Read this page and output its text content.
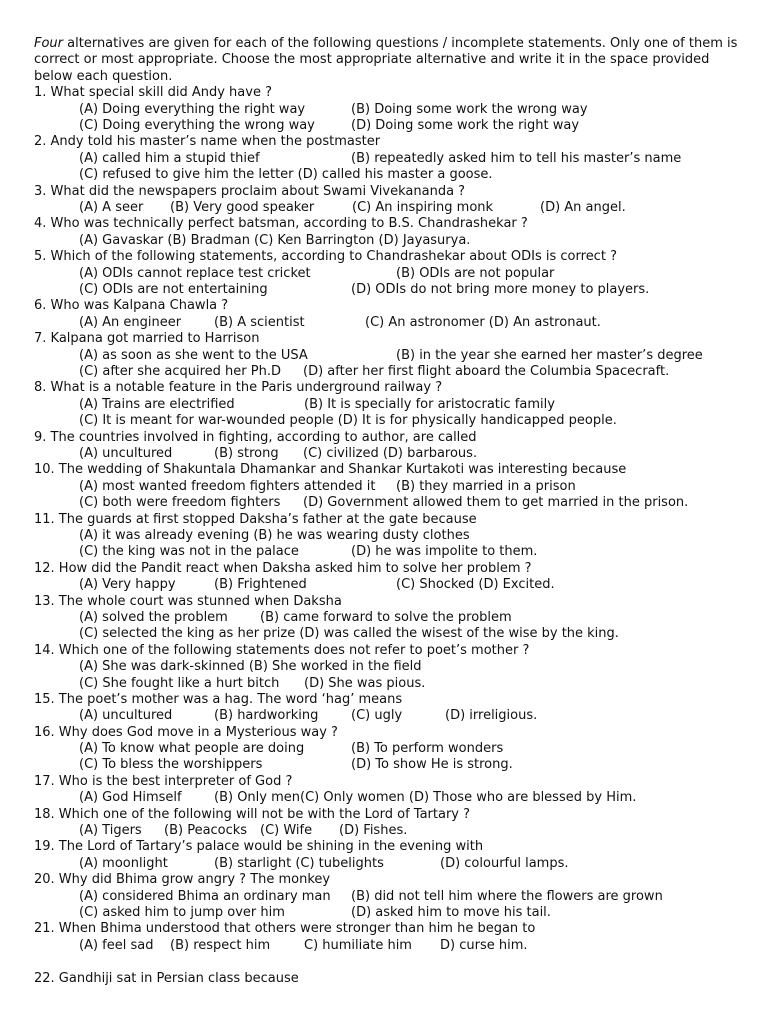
Four alternatives are given for each of the following questions / incomplete statements. Only one of them is correct or most appropriate. Choose the most appropriate alternative and write it in the space provided below each question.

1. What special skill did Andy have ?
(A) Doing everything the right way	(B) Doing some work the wrong way
(C) Doing everything the wrong way	(D) Doing some work the right way
2. Andy told his master’s name when the postmaster
(A) called him a stupid thief	(B) repeatedly asked him to tell his master’s name
(C) refused to give him the letter (D) called his master a goose.
3. What did the newspapers proclaim about Swami Vivekananda ?
(A) A seer (B) Very good speaker	(C) An inspiring monk	(D) An angel.
4. Who was technically perfect batsman, according to B.S. Chandrashekar ?
(A) Gavaskar (B) Bradman (C) Ken Barrington (D) Jayasurya.
5. Which of the following statements, according to Chandrashekar about ODIs is correct ?
(A) ODIs cannot replace test cricket	(B) ODIs are not popular
(C) ODIs are not entertaining	(D) ODIs do not bring more money to players.
6. Who was Kalpana Chawla ?
(A) An engineer	(B) A scientist	(C) An astronomer (D) An astronaut.
7. Kalpana got married to Harrison
(A) as soon as she went to the USA	(B) in the year she earned her master’s degree
(C) after she acquired her Ph.D (D) after her first flight aboard the Columbia Spacecraft.
8. What is a notable feature in the Paris underground railway ?
(A) Trains are electrified	(B) It is specially for aristocratic family
(C) It is meant for war-wounded people (D) It is for physically handicapped people.
9. The countries involved in fighting, according to author, are called
(A) uncultured	(B) strong (C) civilized (D) barbarous.
10. The wedding of Shakuntala Dhamankar and Shankar Kurtakoti was interesting because
(A) most wanted freedom fighters attended it (B) they married in a prison
(C) both were freedom fighters (D) Government allowed them to get married in the prison.
11. The guards at first stopped Daksha’s father at the gate because
(A) it was already evening (B) he was wearing dusty clothes
(C) the king was not in the palace	(D) he was impolite to them.
12. How did the Pandit react when Daksha asked him to solve her problem ?
(A) Very happy	(B) Frightened	(C) Shocked (D) Excited.
13. The whole court was stunned when Daksha
(A) solved the problem (B) came forward to solve the problem
(C) selected the king as her prize (D) was called the wisest of the wise by the king.
14. Which one of the following statements does not refer to poet’s mother ?
(A) She was dark-skinned (B) She worked in the field
(C) She fought like a hurt bitch (D) She was pious.
15. The poet’s mother was a hag. The word ‘hag’ means
(A) uncultured	(B) hardworking	(C) ugly	(D) irreligious.
16. Why does God move in a Mysterious way ?
(A) To know what people are doing	(B) To perform wonders
(C) To bless the worshippers	(D) To show He is strong.
17. Who is the best interpreter of God ?
(A) God Himself (B) Only men(C) Only women (D) Those who are blessed by Him.
18. Which one of the following will not be with the Lord of Tartary ?
(A) Tigers (B) Peacocks (C) Wife (D) Fishes.
19. The Lord of Tartary’s palace would be shining in the evening with
(A) moonlight	(B) starlight (C) tubelights	(D) colourful lamps.
20. Why did Bhima grow angry ? The monkey
(A) considered Bhima an ordinary man (B) did not tell him where the flowers are grown
(C) asked him to jump over him	(D) asked him to move his tail.
21. When Bhima understood that others were stronger than him he began to
(A) feel sad (B) respect him	C) humiliate him D) curse him.
22. Gandhiji sat in Persian class because
